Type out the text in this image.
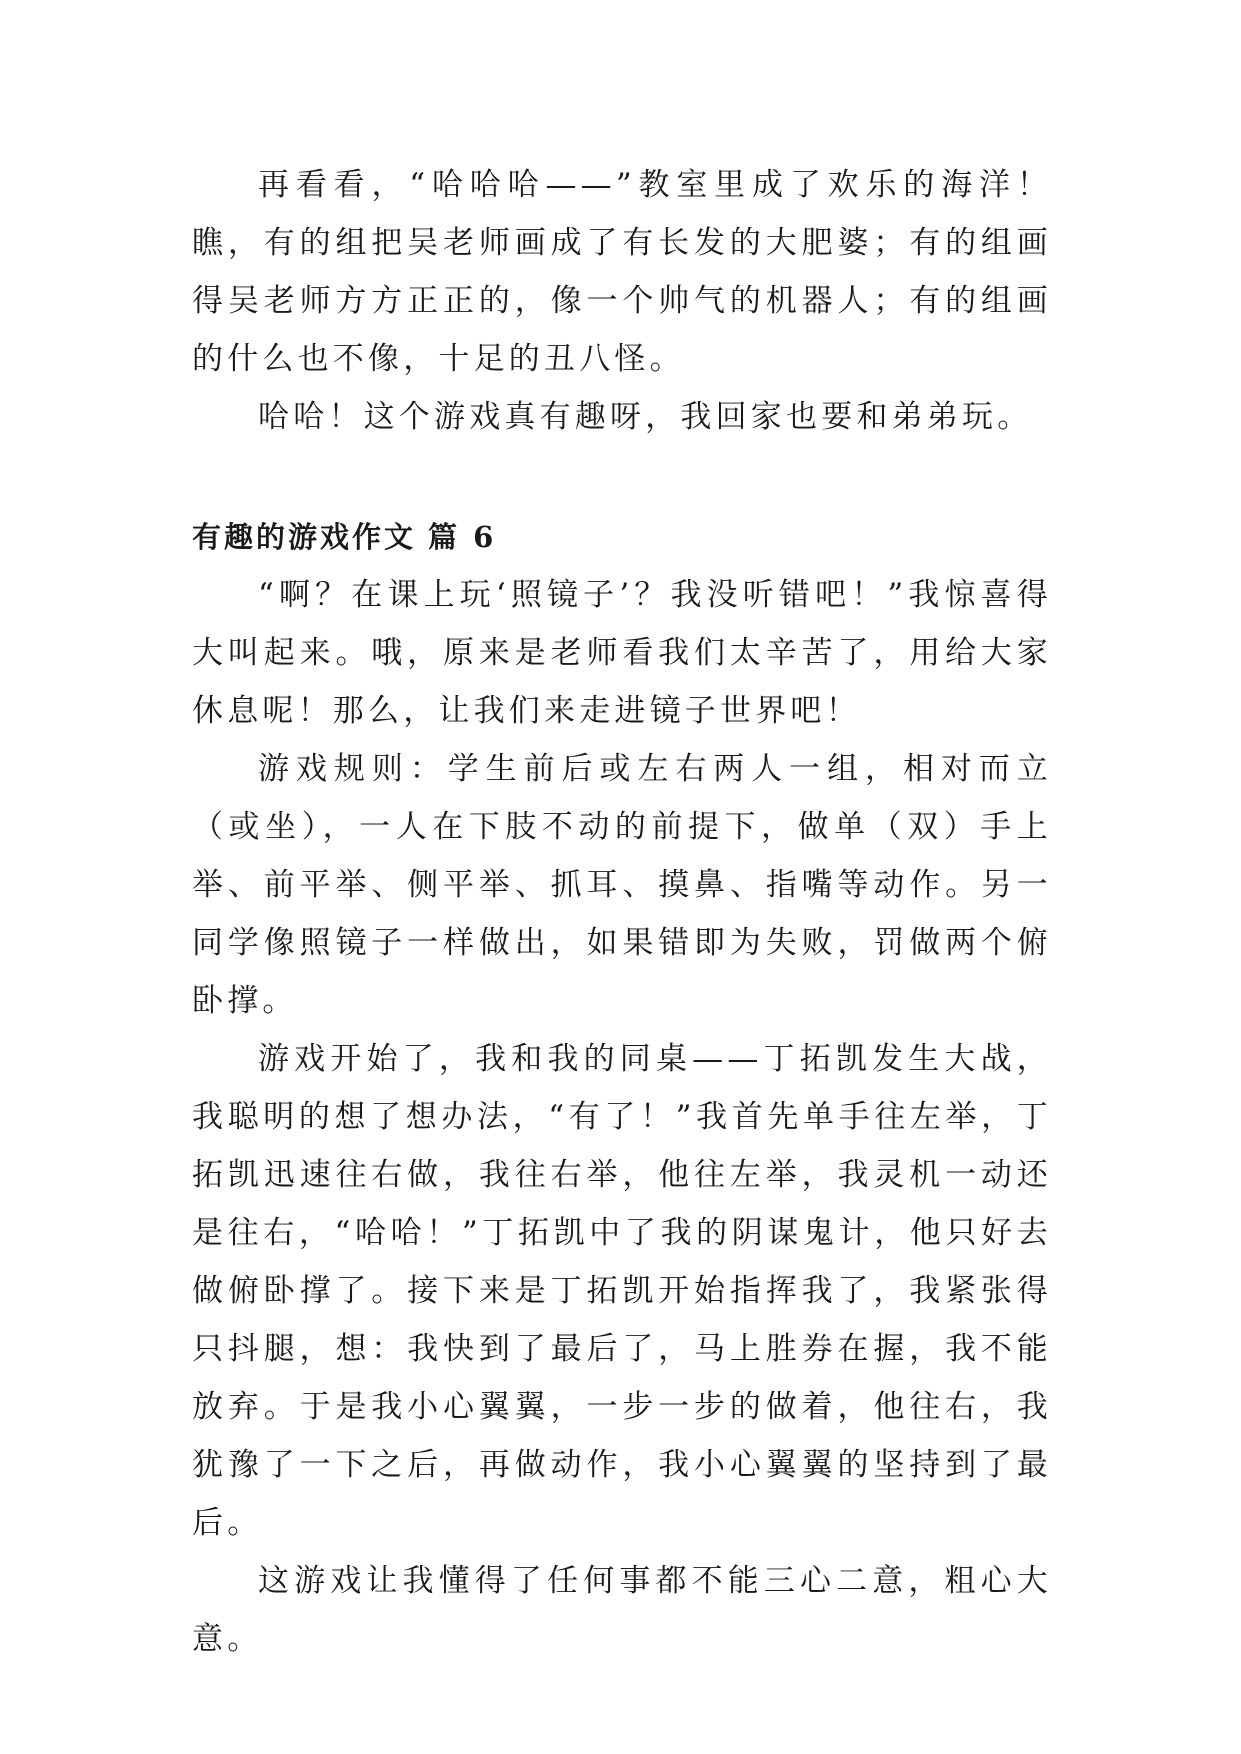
再看看，“哈哈哈——”教室里成了欢乐的海洋！瞧，有的组把吴老师画成了有长发的大肥婆；有的组画得吴老师方方正正的，像一个帅气的机器人；有的组画的什么也不像，十足的丑八怪。

哈哈！这个游戏真有趣呀，我回家也要和弟弟玩。

有趣的游戏作文 篇 6

“啊？在课上玩‘照镜子’？我没听错吧！”我惊喜得大叫起来。哦，原来是老师看我们太辛苦了，用给大家休息呢！那么，让我们来走进镜子世界吧！

游戏规则：学生前后或左右两人一组，相对而立（或坐），一人在下肢不动的前提下，做单（双）手上举、前平举、侧平举、抓耳、摸鼻、指嘴等动作。另一同学像照镜子一样做出，如果错即为失败，罚做两个俯卧撑。

游戏开始了，我和我的同桌——丁拓凯发生大战，我聪明的想了想办法，“有了！”我首先单手往左举，丁拓凯迅速往右做，我往右举，他往左举，我灵机一动还是往右，“哈哈！”丁拓凯中了我的阴谋鬼计，他只好去做俯卧撑了。接下来是丁拓凯开始指挥我了，我紧张得只抖腿，想：我快到了最后了，马上胜券在握，我不能放弃。于是我小心翼翼，一步一步的做着，他往右，我犹豫了一下之后，再做动作，我小心翼翼的坚持到了最后。

这游戏让我懂得了任何事都不能三心二意，粗心大意。
